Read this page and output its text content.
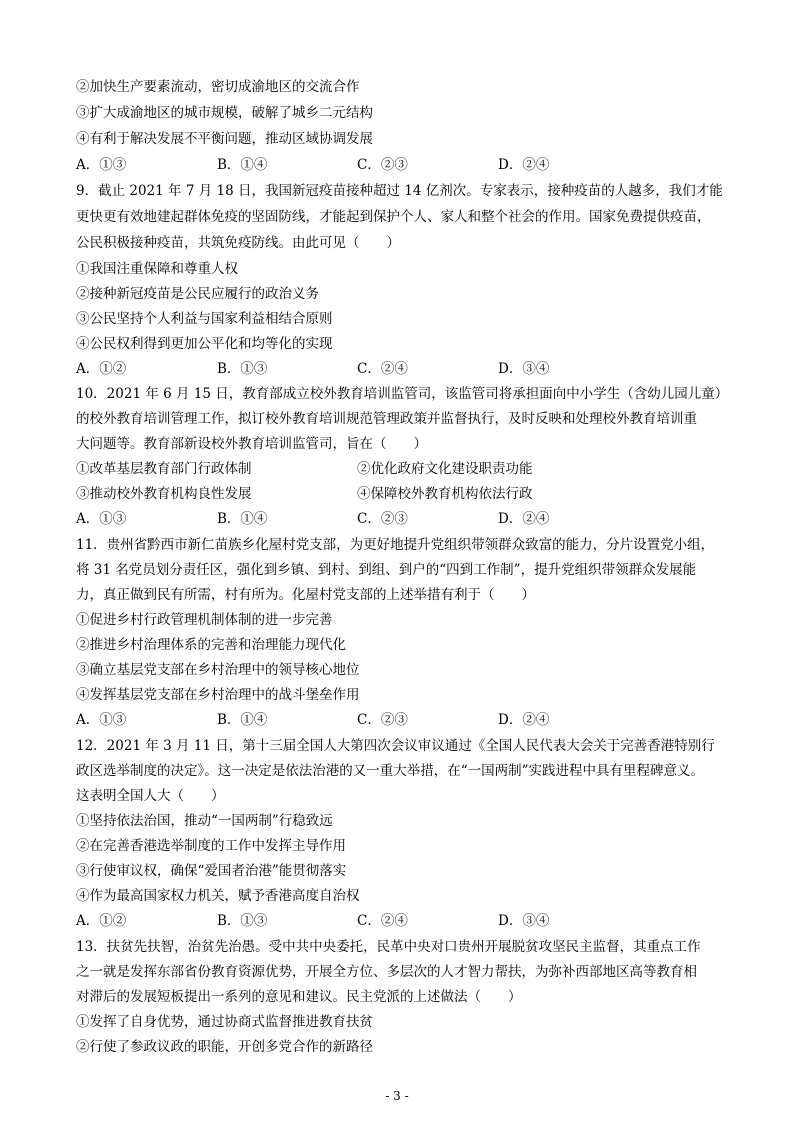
②加快生产要素流动，密切成渝地区的交流合作
③扩大成渝地区的城市规模，破解了城乡二元结构
④有利于解决发展不平衡问题，推动区域协调发展
A．①③	B．①④	C．②③	D．②④
9．截止 2021 年 7 月 18 日，我国新冠疫苗接种超过 14 亿剂次。专家表示，接种疫苗的人越多，我们才能
更快更有效地建起群体免疫的坚固防线，才能起到保护个人、家人和整个社会的作用。国家免费提供疫苗，
公民积极接种疫苗，共筑免疫防线。由此可见（　　）
①我国注重保障和尊重人权
②接种新冠疫苗是公民应履行的政治义务
③公民坚持个人利益与国家利益相结合原则
④公民权利得到更加公平化和均等化的实现
A．①②	B．①③	C．②④	D．③④
10．2021 年 6 月 15 日，教育部成立校外教育培训监管司，该监管司将承担面向中小学生（含幼儿园儿童）
的校外教育培训管理工作，拟订校外教育培训规范管理政策并监督执行，及时反映和处理校外教育培训重
大问题等。教育部新设校外教育培训监管司，旨在（　　）
①改革基层教育部门行政体制	②优化政府文化建设职责功能
③推动校外教育机构良性发展	④保障校外教育机构依法行政
A．①③	B．①④	C．②③	D．②④
11．贵州省黔西市新仁苗族乡化屋村党支部，为更好地提升党组织带领群众致富的能力，分片设置党小组，
将 31 名党员划分责任区，强化到乡镇、到村、到组、到户的“四到工作制”，提升党组织带领群众发展能
力，真正做到民有所需，村有所为。化屋村党支部的上述举措有利于（　　）
①促进乡村行政管理机制体制的进一步完善
②推进乡村治理体系的完善和治理能力现代化
③确立基层党支部在乡村治理中的领导核心地位
④发挥基层党支部在乡村治理中的战斗堡垒作用
A．①③	B．①④	C．②③	D．②④
12．2021 年 3 月 11 日，第十三届全国人大第四次会议审议通过《全国人民代表大会关于完善香港特别行
政区选举制度的决定》。这一决定是依法治港的又一重大举措，在“一国两制”实践进程中具有里程碑意义。
这表明全国人大（　　）
①坚持依法治国，推动“一国两制”行稳致远
②在完善香港选举制度的工作中发挥主导作用
③行使审议权，确保“爱国者治港”能贯彻落实
④作为最高国家权力机关，赋予香港高度自治权
A．①②	B．①③	C．②④	D．③④
13．扶贫先扶智，治贫先治愚。受中共中央委托，民革中央对口贵州开展脱贫攻坚民主监督，其重点工作
之一就是发挥东部省份教育资源优势，开展全方位、多层次的人才智力帮扶，为弥补西部地区高等教育相
对滞后的发展短板提出一系列的意见和建议。民主党派的上述做法（　　）
①发挥了自身优势，通过协商式监督推进教育扶贫
②行使了参政议政的职能，开创多党合作的新路径
- 3 -
